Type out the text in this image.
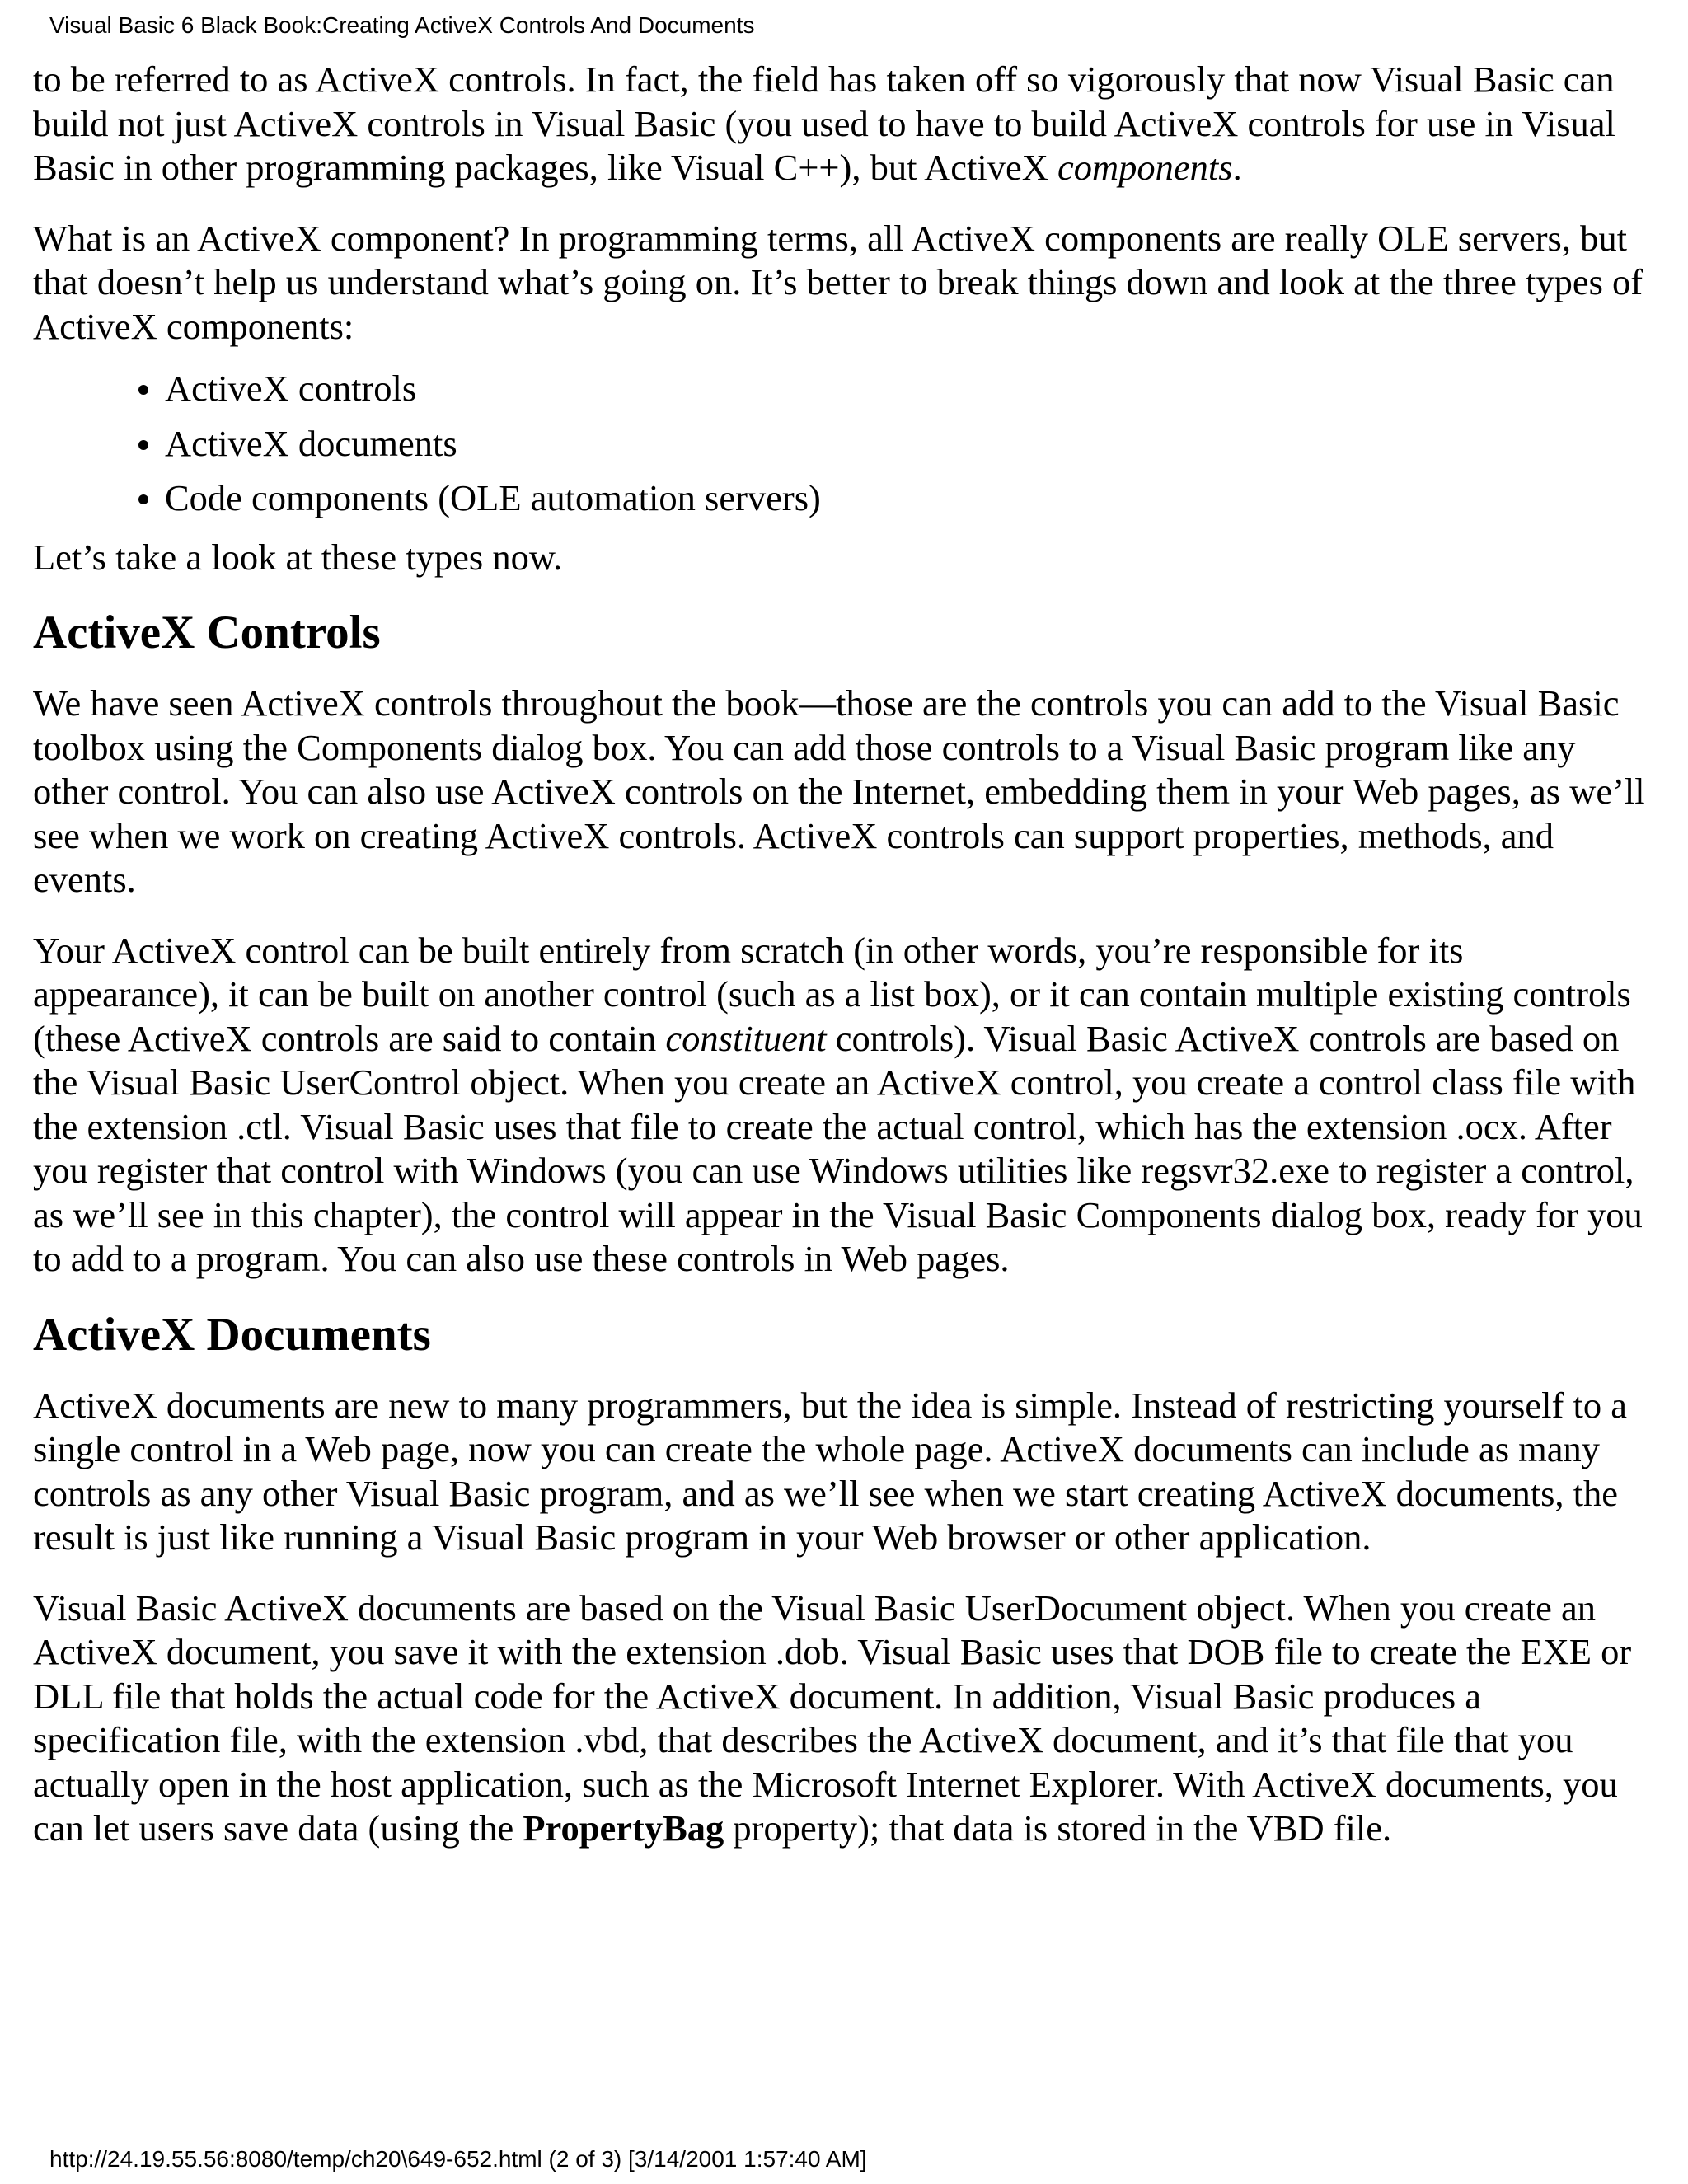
Visual Basic 6 Black Book:Creating ActiveX Controls And Documents

to be referred to as ActiveX controls. In fact, the field has taken off so vigorously that now Visual Basic can build not just ActiveX controls in Visual Basic (you used to have to build ActiveX controls for use in Visual Basic in other programming packages, like Visual C++), but ActiveX components.

What is an ActiveX component? In programming terms, all ActiveX components are really OLE servers, but that doesn’t help us understand what’s going on. It’s better to break things down and look at the three types of ActiveX components:

ActiveX controls
ActiveX documents
Code components (OLE automation servers)

Let’s take a look at these types now.

ActiveX Controls

We have seen ActiveX controls throughout the book—those are the controls you can add to the Visual Basic toolbox using the Components dialog box. You can add those controls to a Visual Basic program like any other control. You can also use ActiveX controls on the Internet, embedding them in your Web pages, as we’ll see when we work on creating ActiveX controls. ActiveX controls can support properties, methods, and events.

Your ActiveX control can be built entirely from scratch (in other words, you’re responsible for its appearance), it can be built on another control (such as a list box), or it can contain multiple existing controls (these ActiveX controls are said to contain constituent controls). Visual Basic ActiveX controls are based on the Visual Basic UserControl object. When you create an ActiveX control, you create a control class file with the extension .ctl. Visual Basic uses that file to create the actual control, which has the extension .ocx. After you register that control with Windows (you can use Windows utilities like regsvr32.exe to register a control, as we’ll see in this chapter), the control will appear in the Visual Basic Components dialog box, ready for you to add to a program. You can also use these controls in Web pages.

ActiveX Documents

ActiveX documents are new to many programmers, but the idea is simple. Instead of restricting yourself to a single control in a Web page, now you can create the whole page. ActiveX documents can include as many controls as any other Visual Basic program, and as we’ll see when we start creating ActiveX documents, the result is just like running a Visual Basic program in your Web browser or other application.

Visual Basic ActiveX documents are based on the Visual Basic UserDocument object. When you create an ActiveX document, you save it with the extension .dob. Visual Basic uses that DOB file to create the EXE or DLL file that holds the actual code for the ActiveX document. In addition, Visual Basic produces a specification file, with the extension .vbd, that describes the ActiveX document, and it’s that file that you actually open in the host application, such as the Microsoft Internet Explorer. With ActiveX documents, you can let users save data (using the PropertyBag property); that data is stored in the VBD file.

http://24.19.55.56:8080/temp/ch20\649-652.html (2 of 3) [3/14/2001 1:57:40 AM]
